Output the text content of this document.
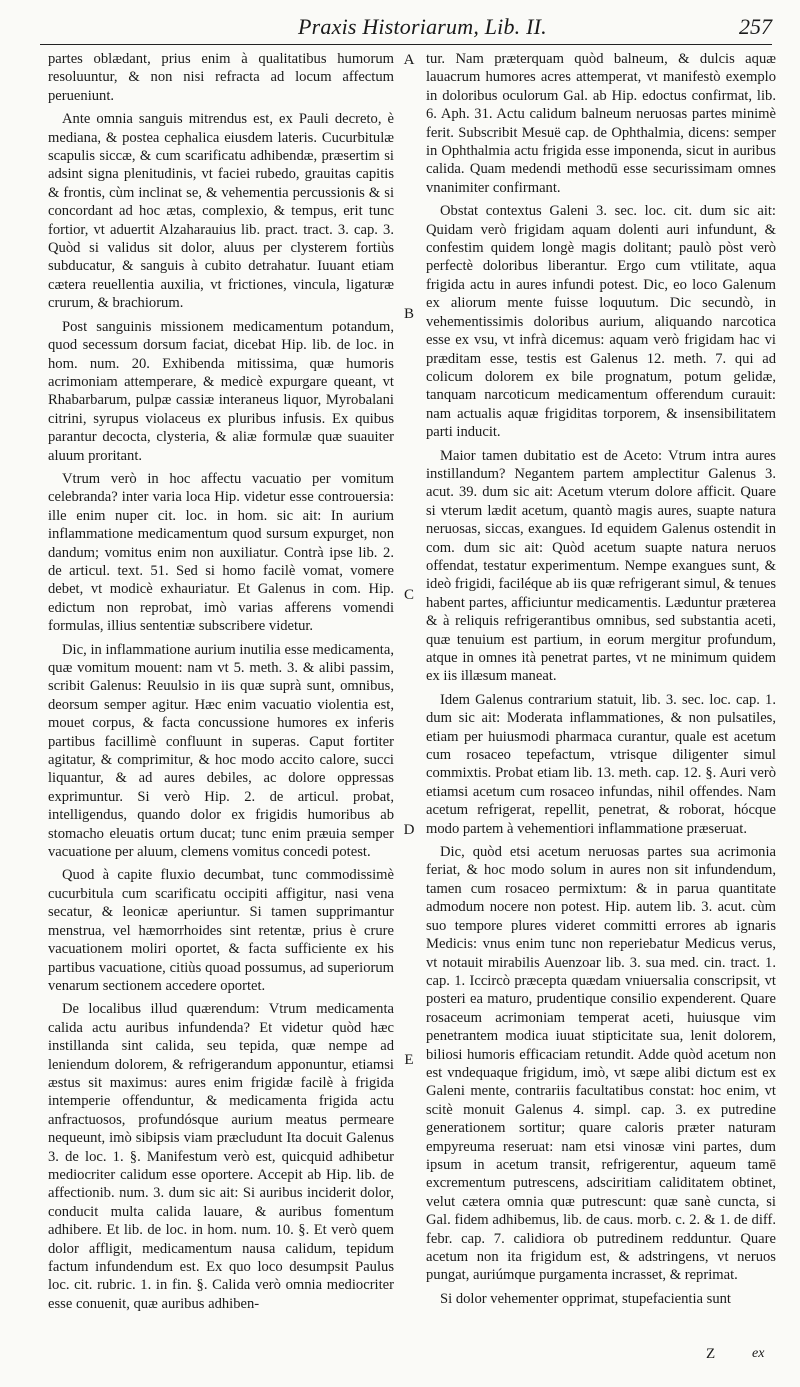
Praxis Historiarum, Lib. II.	257

partes oblædant, prius enim à qualitatibus humorum resoluuntur, & non nisi refracta ad locum affectum perueniunt.

Ante omnia sanguis mitrendus est, ex Pauli decreto, è mediana, & postea cephalica eiusdem lateris. Cucurbitulæ scapulis siccæ, & cum scarificatu adhibendæ, præsertim si adsint signa plenitudinis, vt faciei rubedo, grauitas capitis & frontis, cùm inclinat se, & vehementia percussionis & si concordant ad hoc ætas, complexio, & tempus, erit tunc fortior, vt aduertit Alzaharauius lib. pract. tract. 3. cap. 3. Quòd si validus sit dolor, aluus per clysterem fortiùs subducatur, & sanguis à cubito detrahatur. Iuuant etiam cætera reuellentia auxilia, vt frictiones, vincula, ligaturæ crurum, & brachiorum.

Post sanguinis missionem medicamentum potandum, quod secessum dorsum faciat, dicebat Hip. lib. de loc. in hom. num. 20. Exhibenda mitissima, quæ humoris acrimoniam attemperare, & medicè expurgare queant, vt Rhabarbarum, pulpæ cassiæ interaneus liquor, Myrobalani citrini, syrupus violaceus ex pluribus infusis. Ex quibus parantur decocta, clysteria, & aliæ formulæ quæ suauiter aluum proritant.

Vtrum verò in hoc affectu vacuatio per vomitum celebranda? inter varia loca Hip. videtur esse controuersia: ille enim nuper cit. loc. in hom. sic ait: In aurium inflammatione medicamentum quod sursum expurget, non dandum; vomitus enim non auxiliatur. Contrà ipse lib. 2. de articul. text. 51. Sed si homo facilè vomat, vomere debet, vt modicè exhauriatur. Et Galenus in com. Hip. edictum non reprobat, imò varias afferens vomendi formulas, illius sententiæ subscribere videtur.

Dic, in inflammatione aurium inutilia esse medicamenta, quæ vomitum mouent: nam vt 5. meth. 3. & alibi passim, scribit Galenus: Reuulsio in iis quæ suprà sunt, omnibus, deorsum semper agitur. Hæc enim vacuatio violentia est, mouet corpus, & facta concussione humores ex inferis partibus facillimè confluunt in superas. Caput fortiter agitatur, & comprimitur, & hoc modo accito calore, succi liquantur, & ad aures debiles, ac dolore oppressas exprimuntur. Si verò Hip. 2. de articul. probat, intelligendus, quando dolor ex frigidis humoribus ab stomacho eleuatis ortum ducat; tunc enim præuia semper vacuatione per aluum, clemens vomitus concedi potest.

Quod à capite fluxio decumbat, tunc commodissimè cucurbitula cum scarificatu occipiti affigitur, nasi vena secatur, & leonicæ aperiuntur. Si tamen supprimantur menstrua, vel hæmorrhoides sint retentæ, prius è crure vacuationem moliri oportet, & facta sufficiente ex his partibus vacuatione, citiùs quoad possumus, ad superiorum venarum sectionem accedere oportet.

De localibus illud quærendum: Vtrum medicamenta calida actu auribus infundenda? Et videtur quòd hæc instillanda sint calida, seu tepida, quæ nempe ad leniendum dolorem, & refrigerandum apponuntur, etiamsi æstus sit maximus: aures enim frigidæ facilè à frigida intemperie offenduntur, & medicamenta frigida actu anfractuosos, profundósque aurium meatus permeare nequeunt, imò sibipsis viam præcludunt Ita docuit Galenus 3. de loc. 1. §. Manifestum verò est, quicquid adhibetur mediocriter calidum esse oportere. Accepit ab Hip. lib. de affectionib. num. 3. dum sic ait: Si auribus inciderit dolor, conducit multa calida lauare, & auribus fomentum adhibere. Et lib. de loc. in hom. num. 10. §. Et verò quem dolor affligit, medicamentum nausa calidum, tepidum factum infundendum est. Ex quo loco desumpsit Paulus loc. cit. rubric. 1. in fin. §. Calida verò omnia mediocriter esse conuenit, quæ auribus adhiben-

tur. Nam præterquam quòd balneum, & dulcis aquæ lauacrum humores acres attemperat, vt manifestò exemplo in doloribus oculorum Gal. ab Hip. edoctus confirmat, lib. 6. Aph. 31. Actu calidum balneum neruosas partes minimè ferit. Subscribit Mesuë cap. de Ophthalmia, dicens: semper in Ophthalmia actu frigida esse imponenda, sicut in auribus calida. Quam medendi methodū esse securissimam omnes vnanimiter confirmant.

Obstat contextus Galeni 3. sec. loc. cit. dum sic ait: Quidam verò frigidam aquam dolenti auri infundunt, & confestim quidem longè magis dolitant; paulò pòst verò perfectè doloribus liberantur. Ergo cum vtilitate, aqua frigida actu in aures infundi potest. Dic, eo loco Galenum ex aliorum mente fuisse loquutum. Dic secundò, in vehementissimis doloribus aurium, aliquando narcotica esse ex vsu, vt infrà dicemus: aquam verò frigidam hac vi præditam esse, testis est Galenus 12. meth. 7. qui ad colicum dolorem ex bile prognatum, potum gelidæ, tanquam narcoticum medicamentum offerendum curauit: nam actualis aquæ frigiditas torporem, & insensibilitatem parti inducit.

Maior tamen dubitatio est de Aceto: Vtrum intra aures instillandum? Negantem partem amplectitur Galenus 3. acut. 39. dum sic ait: Acetum vterum dolore afficit. Quare si vterum lædit acetum, quantò magis aures, suapte natura neruosas, siccas, exangues. Id equidem Galenus ostendit in com. dum sic ait: Quòd acetum suapte natura neruos offendat, testatur experimentum. Nempe exangues sunt, & ideò frigidi, faciléque ab iis quæ refrigerant simul, & tenues habent partes, afficiuntur medicamentis. Læduntur præterea & à reliquis refrigerantibus omnibus, sed substantia aceti, quæ tenuium est partium, in eorum mergitur profundum, atque in omnes ità penetrat partes, vt ne minimum quidem ex iis illæsum maneat.

Idem Galenus contrarium statuit, lib. 3. sec. loc. cap. 1. dum sic ait: Moderata inflammationes, & non pulsatiles, etiam per huiusmodi pharmaca curantur, quale est acetum cum rosaceo tepefactum, vtrisque diligenter simul commixtis. Probat etiam lib. 13. meth. cap. 12. §. Auri verò etiamsi acetum cum rosaceo infundas, nihil offendes. Nam acetum refrigerat, repellit, penetrat, & roborat, hócque modo partem à vehementiori inflammatione præseruat.

Dic, quòd etsi acetum neruosas partes sua acrimonia feriat, & hoc modo solum in aures non sit infundendum, tamen cum rosaceo permixtum: & in parua quantitate admodum nocere non potest. Hip. autem lib. 3. acut. cùm suo tempore plures videret committi errores ab ignaris Medicis: vnus enim tunc non reperiebatur Medicus verus, vt notauit mirabilis Auenzoar lib. 3. sua med. cin. tract. 1. cap. 1. Iccircò præcepta quædam vniuersalia conscripsit, vt posteri ea maturo, prudentique consilio expenderent. Quare rosaceum acrimoniam temperat aceti, huiusque vim penetrantem modica iuuat stipticitate sua, lenit dolorem, biliosi humoris efficaciam retundit. Adde quòd acetum non est vndequaque frigidum, imò, vt sæpe alibi dictum est ex Galeni mente, contrariis facultatibus constat: hoc enim, vt scitè monuit Galenus 4. simpl. cap. 3. ex putredine generationem sortitur; quare caloris præter naturam empyreuma reseruat: nam etsi vinosæ vini partes, dum ipsum in acetum transit, refrigerentur, aqueum tamē excrementum putrescens, adsciritiam caliditatem obtinet, velut cætera omnia quæ putrescunt: quæ sanè cuncta, si Gal. fidem adhibemus, lib. de caus. morb. c. 2. & 1. de diff. febr. cap. 7. calidiora ob putredinem redduntur. Quare acetum non ita frigidum est, & adstringens, vt neruos pungat, auriúmque purgamenta incrasset, & reprimat.

Si dolor vehementer opprimat, stupefacientia sunt

A
B
C
D
E
Z ex
